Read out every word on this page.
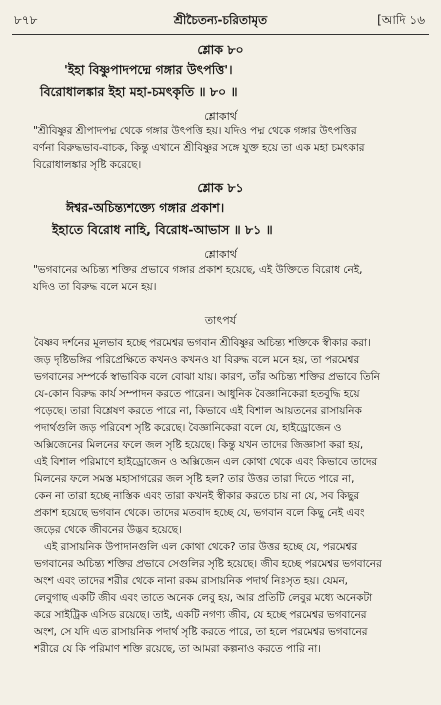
৮৭৮	শ্রীচৈতন্য-চরিতামৃত	[আদি ১৬
শ্লোক ৮০
'ইহা বিষ্ণুপাদপদ্মে গঙ্গার উৎপত্তি'।
বিরোধালঙ্কার ইহা মহা-চমৎকৃতি ॥ ৮০ ॥
শ্লোকার্থ
"শ্রীবিষ্ণুর শ্রীপাদপদ্ম থেকে গঙ্গার উৎপত্তি হয়। যদিও পদ্ম থেকে গঙ্গার উৎপত্তির
বর্ণনা বিরুদ্ধভাব-বাচক, কিন্তু এখানে শ্রীবিষ্ণুর সঙ্গে যুক্ত হয়ে তা এক মহা চমৎকার
বিরোধালঙ্কার সৃষ্টি করেছে।
শ্লোক ৮১
ঈশ্বর-অচিন্ত্যশক্ত্যে গঙ্গার প্রকাশ।
ইহাতে বিরোধ নাহি, বিরোধ-আভাস ॥ ৮১ ॥
শ্লোকার্থ
"ভগবানের অচিন্ত্য শক্তির প্রভাবে গঙ্গার প্রকাশ হয়েছে, এই উক্তিতে বিরোধ নেই,
যদিও তা বিরুদ্ধ বলে মনে হয়।
তাৎপর্য
বৈষ্ণব দর্শনের মূলভাব হচ্ছে পরমেশ্বর ভগবান শ্রীবিষ্ণুর অচিন্ত্য শক্তিকে স্বীকার করা।
জড় দৃষ্টিভঙ্গির পরিপ্রেক্ষিতে কখনও কখনও যা বিরুদ্ধ বলে মনে হয়, তা পরমেশ্বর
ভগবানের সম্পর্কে স্বাভাবিক বলে বোঝা যায়। কারণ, তাঁর অচিন্ত্য শক্তির প্রভাবে তিনি
যে-কোন বিরুদ্ধ কার্য সম্পাদন করতে পারেন। আধুনিক বৈজ্ঞানিকেরা হতবুদ্ধি হয়ে
পড়েছে। তারা বিশ্লেষণ করতে পারে না, কিভাবে এই বিশাল আয়তনের রাসায়নিক
পদার্থগুলি জড় পরিবেশ সৃষ্টি করেছে। বৈজ্ঞানিকেরা বলে যে, হাইড্রোজেন ও
অক্সিজেনের মিলনের ফলে জল সৃষ্টি হয়েছে। কিন্তু যখন তাদের জিজ্ঞাসা করা হয়,
এই বিশাল পরিমাণে হাইড্রোজেন ও অক্সিজেন এল কোথা থেকে এবং কিভাবে তাদের
মিলনের ফলে সমস্ত মহাসাগরের জল সৃষ্টি হল? তার উত্তর তারা দিতে পারে না,
কেন না তারা হচ্ছে নাস্তিক এবং তারা কখনই স্বীকার করতে চায় না যে, সব কিছুর
প্রকাশ হয়েছে ভগবান থেকে। তাদের মতবাদ হচ্ছে যে, ভগবান বলে কিছু নেই এবং
জড়ের থেকে জীবনের উদ্ভব হয়েছে।
এই রাসায়নিক উপাদানগুলি এল কোথা থেকে? তার উত্তর হচ্ছে যে, পরমেশ্বর
ভগবানের অচিন্ত্য শক্তির প্রভাবে সেগুলির সৃষ্টি হয়েছে। জীব হচ্ছে পরমেশ্বর ভগবানের
অংশ এবং তাদের শরীর থেকে নানা রকম রাসায়নিক পদার্থ নিঃসৃত হয়। যেমন,
লেবুগাছ একটি জীব এবং তাতে অনেক লেবু হয়, আর প্রতিটি লেবুর মধ্যে অনেকটা
করে সাইট্রিক এসিড রয়েছে। তাই, একটি নগণ্য জীব, যে হচ্ছে পরমেশ্বর ভগবানের
অংশ, সে যদি এত রাসায়নিক পদার্থ সৃষ্টি করতে পারে, তা হলে পরমেশ্বর ভগবানের
শরীরে যে কি পরিমাণ শক্তি রয়েছে, তা আমরা কল্পনাও করতে পারি না।
